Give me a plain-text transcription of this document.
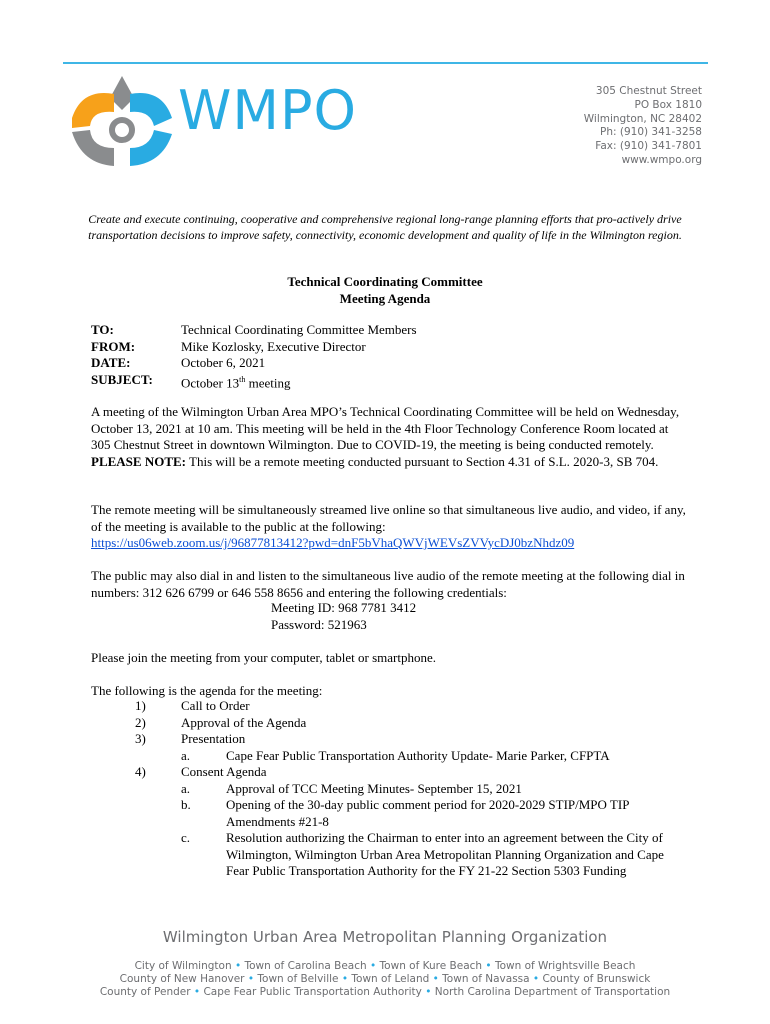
WMPO	305 Chestnut Street
PO Box 1810
Wilmington, NC 28402
Ph: (910) 341-3258
Fax: (910) 341-7801
www.wmpo.org
Create and execute continuing, cooperative and comprehensive regional long-range planning efforts that pro-actively drive transportation decisions to improve safety, connectivity, economic development and quality of life in the Wilmington region.
Technical Coordinating Committee
Meeting Agenda
TO:	Technical Coordinating Committee Members
FROM:	Mike Kozlosky, Executive Director
DATE:	October 6, 2021
SUBJECT: October 13th meeting
A meeting of the Wilmington Urban Area MPO’s Technical Coordinating Committee will be held on Wednesday, October 13, 2021 at 10 am. This meeting will be held in the 4th Floor Technology Conference Room located at 305 Chestnut Street in downtown Wilmington. Due to COVID-19, the meeting is being conducted remotely. PLEASE NOTE: This will be a remote meeting conducted pursuant to Section 4.31 of S.L. 2020-3, SB 704.
The remote meeting will be simultaneously streamed live online so that simultaneous live audio, and video, if any, of the meeting is available to the public at the following:
https://us06web.zoom.us/j/96877813412?pwd=dnF5bVhaQWVjWEVsZVVycDJ0bzNhdz09
The public may also dial in and listen to the simultaneous live audio of the remote meeting at the following dial in numbers: 312 626 6799 or 646 558 8656 and entering the following credentials:
Meeting ID: 968 7781 3412
Password: 521963
Please join the meeting from your computer, tablet or smartphone.
The following is the agenda for the meeting:
1)	Call to Order
2)	Approval of the Agenda
3)	Presentation
a.	Cape Fear Public Transportation Authority Update- Marie Parker, CFPTA
4)	Consent Agenda
a.	Approval of TCC Meeting Minutes- September 15, 2021
b.	Opening of the 30-day public comment period for 2020-2029 STIP/MPO TIP Amendments #21-8
c.	Resolution authorizing the Chairman to enter into an agreement between the City of Wilmington, Wilmington Urban Area Metropolitan Planning Organization and Cape Fear Public Transportation Authority for the FY 21-22 Section 5303 Funding
Wilmington Urban Area Metropolitan Planning Organization
City of Wilmington • Town of Carolina Beach • Town of Kure Beach • Town of Wrightsville Beach
County of New Hanover • Town of Belville • Town of Leland • Town of Navassa • County of Brunswick
County of Pender • Cape Fear Public Transportation Authority • North Carolina Department of Transportation
